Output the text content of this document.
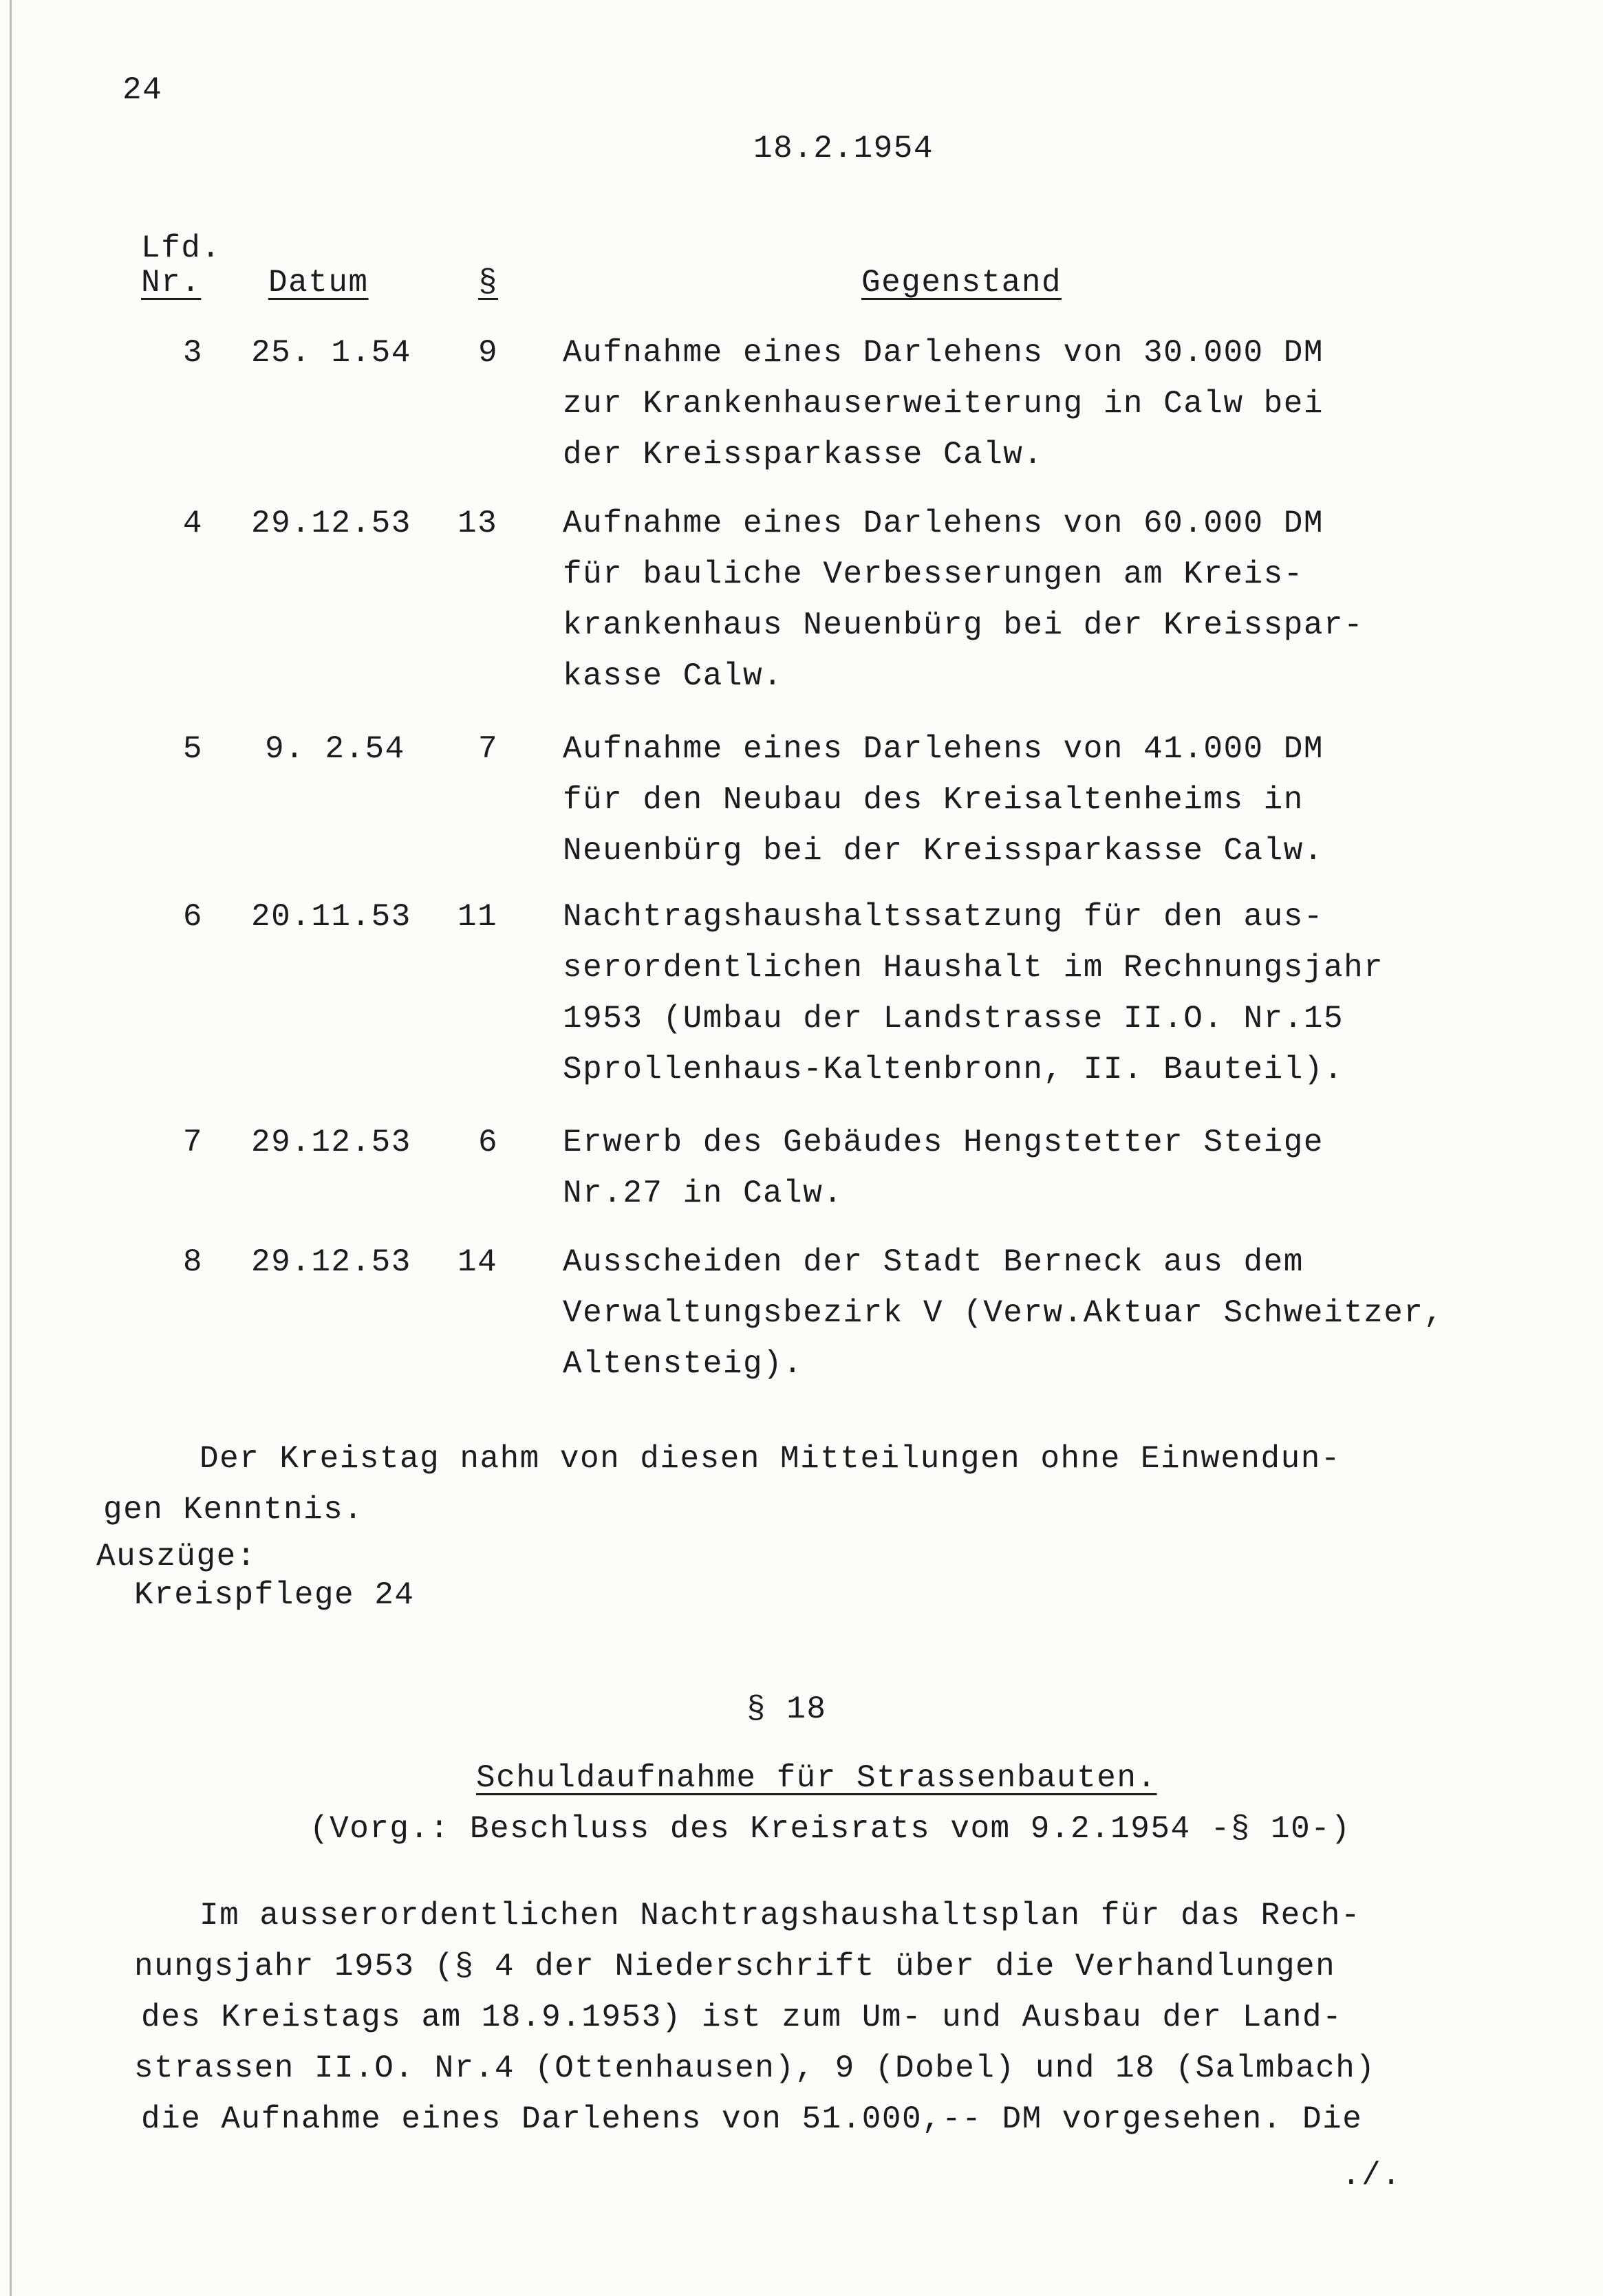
24
18.2.1954
Lfd.
Nr. Datum	§	Gegenstand
3 25. 1.54 9 Aufnahme eines Darlehens von 30.000 DM
zur Krankenhauserweiterung in Calw bei
der Kreissparkasse Calw.
4 29.12.53 13 Aufnahme eines Darlehens von 60.000 DM
für bauliche Verbesserungen am Kreis-
krankenhaus Neuenbürg bei der Kreisspar-
kasse Calw.
5 9. 2.54 7 Aufnahme eines Darlehens von 41.000 DM
für den Neubau des Kreisaltenheims in
Neuenbürg bei der Kreissparkasse Calw.
6 20.11.53 11 Nachtragshaushaltssatzung für den aus-
serordentlichen Haushalt im Rechnungsjahr
1953 (Umbau der Landstrasse II.O. Nr.15
Sprollenhaus-Kaltenbronn, II. Bauteil).
7 29.12.53 6 Erwerb des Gebäudes Hengstetter Steige
Nr.27 in Calw.
8 29.12.53 14 Ausscheiden der Stadt Berneck aus dem
Verwaltungsbezirk V (Verw.Aktuar Schweitzer,
Altensteig).
Der Kreistag nahm von diesen Mitteilungen ohne Einwendun-
gen Kenntnis.
Auszüge:
Kreispflege 24
§ 18
Schuldaufnahme für Strassenbauten.
(Vorg.: Beschluss des Kreisrats vom 9.2.1954 -§ 10-)
Im ausserordentlichen Nachtragshaushaltsplan für das Rech-
nungsjahr 1953 (§ 4 der Niederschrift über die Verhandlungen
des Kreistags am 18.9.1953) ist zum Um- und Ausbau der Land-
strassen II.O. Nr.4 (Ottenhausen), 9 (Dobel) und 18 (Salmbach)
die Aufnahme eines Darlehens von 51.000,-- DM vorgesehen. Die
./.
